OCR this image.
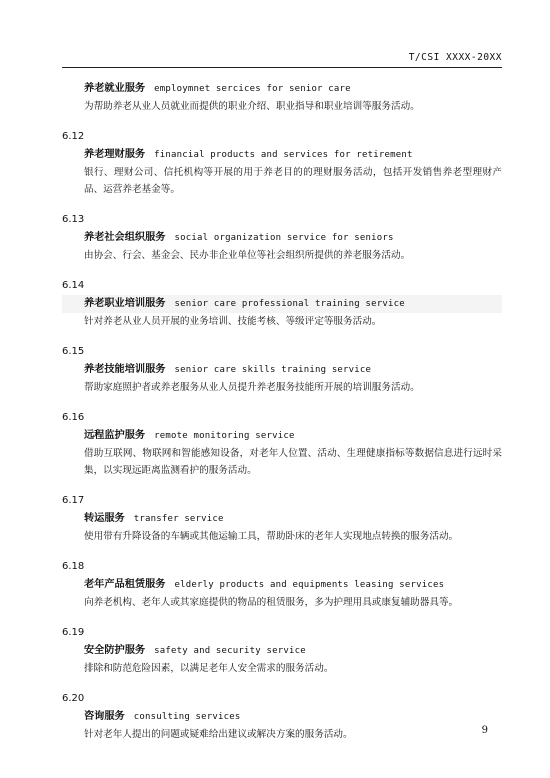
T/CSI XXXX-20XX
养老就业服务 employmnet sercices for senior care
为帮助养老从业人员就业而提供的职业介绍、职业指导和职业培训等服务活动。
6.12
养老理财服务 financial products and services for retirement
银行、理财公司、信托机构等开展的用于养老目的的理财服务活动，包括开发销售养老型理财产品、运营养老基金等。
6.13
养老社会组织服务 social organization service for seniors
由协会、行会、基金会、民办非企业单位等社会组织所提供的养老服务活动。
6.14
养老职业培训服务 senior care professional training service
针对养老从业人员开展的业务培训、技能考核、等级评定等服务活动。
6.15
养老技能培训服务 senior care skills training service
帮助家庭照护者或养老服务从业人员提升养老服务技能所开展的培训服务活动。
6.16
远程监护服务 remote monitoring service
借助互联网、物联网和智能感知设备，对老年人位置、活动、生理健康指标等数据信息进行远时采集，以实现远距离监测看护的服务活动。
6.17
转运服务 transfer service
使用带有升降设备的车辆或其他运输工具，帮助卧床的老年人实现地点转换的服务活动。
6.18
老年产品租赁服务 elderly products and equipments leasing services
向养老机构、老年人或其家庭提供的物品的租赁服务，多为护理用具或康复辅助器具等。
6.19
安全防护服务 safety and security service
排除和防范危险因素，以满足老年人安全需求的服务活动。
6.20
咨询服务 consulting services
针对老年人提出的问题或疑难给出建议或解决方案的服务活动。	9
